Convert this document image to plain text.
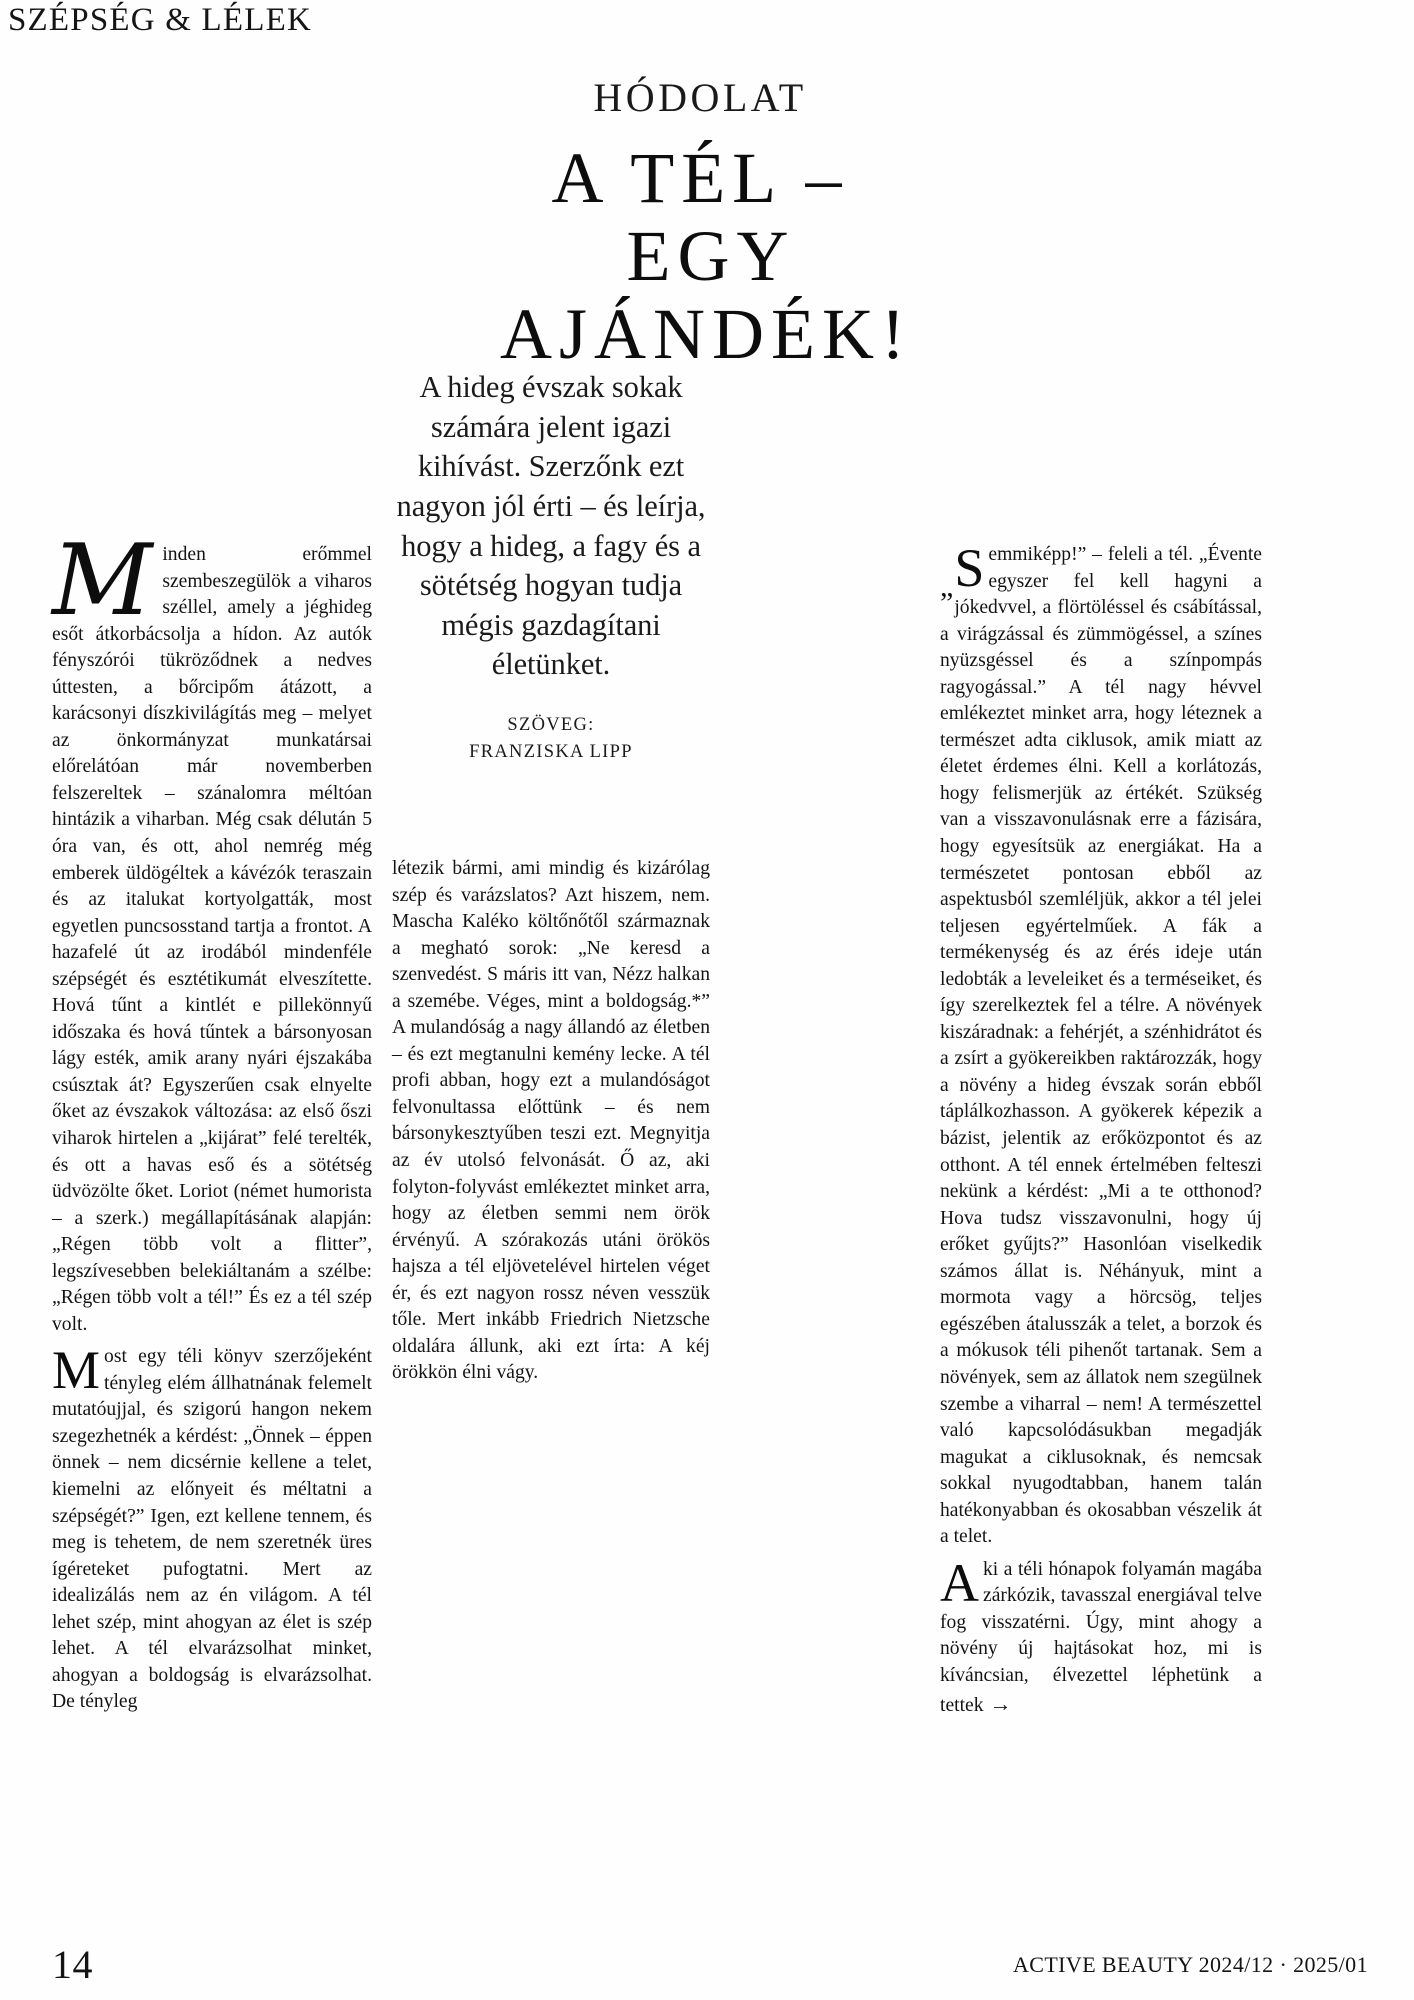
SZÉPSÉG & LÉLEK
HÓDOLAT
A TÉL –
EGY
AJÁNDÉK!
A hideg évszak sokak számára jelent igazi kihívást. Szerzőnk ezt nagyon jól érti – és leírja, hogy a hideg, a fagy és a sötétség hogyan tudja mégis gazdagítani életünket.
SZÖVEG:
FRANZISKA LIPP

Minden erőmmel szembeszegülök a viharos széllel, amely a jéghideg esőt átkorbácsolja a hídon. Az autók fényszórói tükröződnek a nedves úttesten, a bőrcipőm átázott, a karácsonyi díszkivilágítás meg – melyet az önkormányzat munkatársai előrelátóan már novemberben felszereltek – szánalomra méltóan hintázik a viharban. Még csak délután 5 óra van, és ott, ahol nemrég még emberek üldögéltek a kávézók teraszain és az italukat kortyolgatták, most egyetlen puncsosstand tartja a frontot. A hazafelé út az irodából mindenféle szépségét és esztétikumát elveszítette. Hová tűnt a kintlét e pillekönnyű időszaka és hová tűntek a bársonyosan lágy esték, amik arany nyári éjszakába csúsztak át? Egyszerűen csak elnyelte őket az évszakok változása: az első őszi viharok hirtelen a „kijárat” felé terelték, és ott a havas eső és a sötétség üdvözölte őket. Loriot (német humorista – a szerk.) megállapításának alapján: „Régen több volt a flitter”, legszívesebben belekiáltanám a szélbe: „Régen több volt a tél!” És ez a tél szép volt.

Most egy téli könyv szerzőjeként tényleg elém állhatnának felemelt mutatóujjal, és szigorú hangon nekem szegezhetnék a kérdést: „Önnek – éppen önnek – nem dicsérnie kellene a telet, kiemelni az előnyeit és méltatni a szépségét?” Igen, ezt kellene tennem, és meg is tehetem, de nem szeretnék üres ígéreteket pufogtatni. Mert az idealizálás nem az én világom. A tél lehet szép, mint ahogyan az élet is szép lehet. A tél elvarázsolhat minket, ahogyan a boldogság is elvarázsolhat. De tényleg

létezik bármi, ami mindig és kizárólag szép és varázslatos? Azt hiszem, nem. Mascha Kaléko költőnőtől származnak a megható sorok: „Ne keresd a szenvedést. S máris itt van, Nézz halkan a szemébe. Véges, mint a boldogság.*” A mulandóság a nagy állandó az életben – és ezt megtanulni kemény lecke. A tél profi abban, hogy ezt a mulandóságot felvonultassa előttünk – és nem bársonykesztyűben teszi ezt. Megnyitja az év utolsó felvonását. Ő az, aki folyton-folyvást emlékeztet minket arra, hogy az életben semmi nem örök érvényű. A szórakozás utáni örökös hajsza a tél eljövetelével hirtelen véget ér, és ezt nagyon rossz néven vesszük tőle. Mert inkább Friedrich Nietzsche oldalára állunk, aki ezt írta: A kéj örökkön élni vágy.

„ S emmiképp!” – feleli a tél. „Évente egyszer fel kell hagyni a jókedvvel, a flörtöléssel és csábítással, a virágzással és zümmögéssel, a színes nyüzsgéssel és a színpompás ragyogással.” A tél nagy hévvel emlékeztet minket arra, hogy léteznek a természet adta ciklusok, amik miatt az életet érdemes élni. Kell a korlátozás, hogy felismerjük az értékét. Szükség van a visszavonulásnak erre a fázisára, hogy egyesítsük az energiákat. Ha a természetet pontosan ebből az aspektusból szemléljük, akkor a tél jelei teljesen egyértelműek. A fák a termékenység és az érés ideje után ledobták a leveleiket és a terméseiket, és így szerelkeztek fel a télre. A növények kiszáradnak: a fehérjét, a szénhidrátot és a zsírt a gyökereikben raktározzák, hogy a növény a hideg évszak során ebből táplálkozhasson. A gyökerek képezik a bázist, jelentik az erőközpontot és az otthont. A tél ennek értelmében felteszi nekünk a kérdést: „Mi a te otthonod? Hova tudsz visszavonulni, hogy új erőket gyűjts?” Hasonlóan viselkedik számos állat is. Néhányuk, mint a mormota vagy a hörcsög, teljes egészében átalusszák a telet, a borzok és a mókusok téli pihenőt tartanak. Sem a növények, sem az állatok nem szegülnek szembe a viharral – nem! A természettel való kapcsolódásukban megadják magukat a ciklusoknak, és nemcsak sokkal nyugodtabban, hanem talán hatékonyabban és okosabban vészelik át a telet.

Aki a téli hónapok folyamán magába zárkózik, tavasszal energiával telve fog visszatérni. Úgy, mint ahogy a növény új hajtásokat hoz, mi is kíváncsian, élvezettel léphetünk a tettek →

14	ACTIVE BEAUTY 2024/12 · 2025/01
